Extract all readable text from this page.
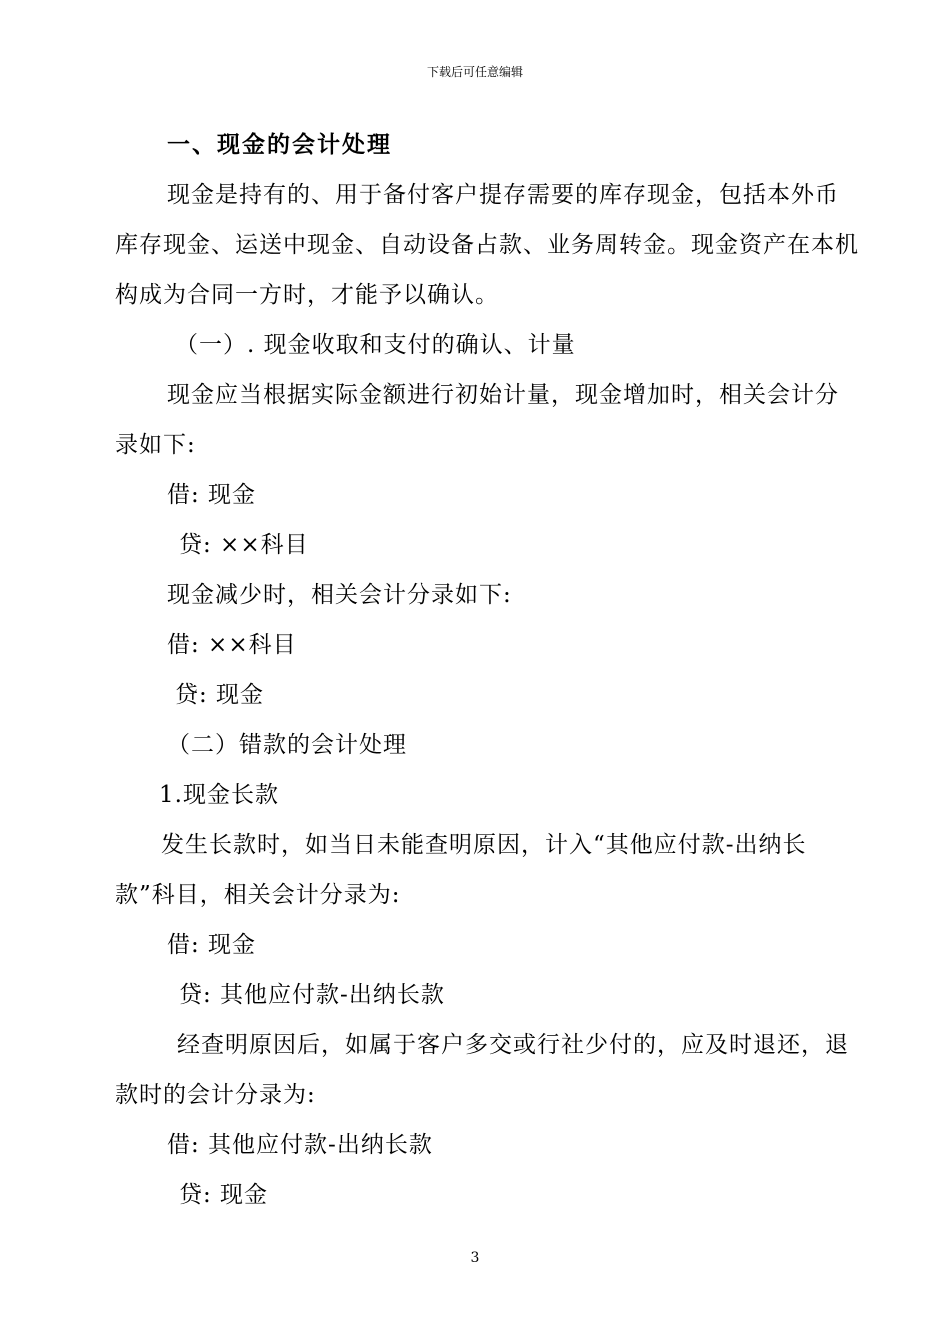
下载后可任意编辑
一、现金的会计处理
现金是持有的、用于备付客户提存需要的库存现金，包括本外币库存现金、运送中现金、自动设备占款、业务周转金。现金资产在本机构成为合同一方时，才能予以确认。
（一）. 现金收取和支付的确认、计量
现金应当根据实际金额进行初始计量，现金增加时，相关会计分录如下:
借: 现金
贷: ××科目
现金减少时，相关会计分录如下:
借: ××科目
贷: 现金
（二）错款的会计处理
1.现金长款
发生长款时，如当日未能查明原因，计入“其他应付款-出纳长款”科目，相关会计分录为:
借: 现金
贷: 其他应付款-出纳长款
经查明原因后，如属于客户多交或行社少付的，应及时退还，退款时的会计分录为:
借: 其他应付款-出纳长款
贷: 现金
3
